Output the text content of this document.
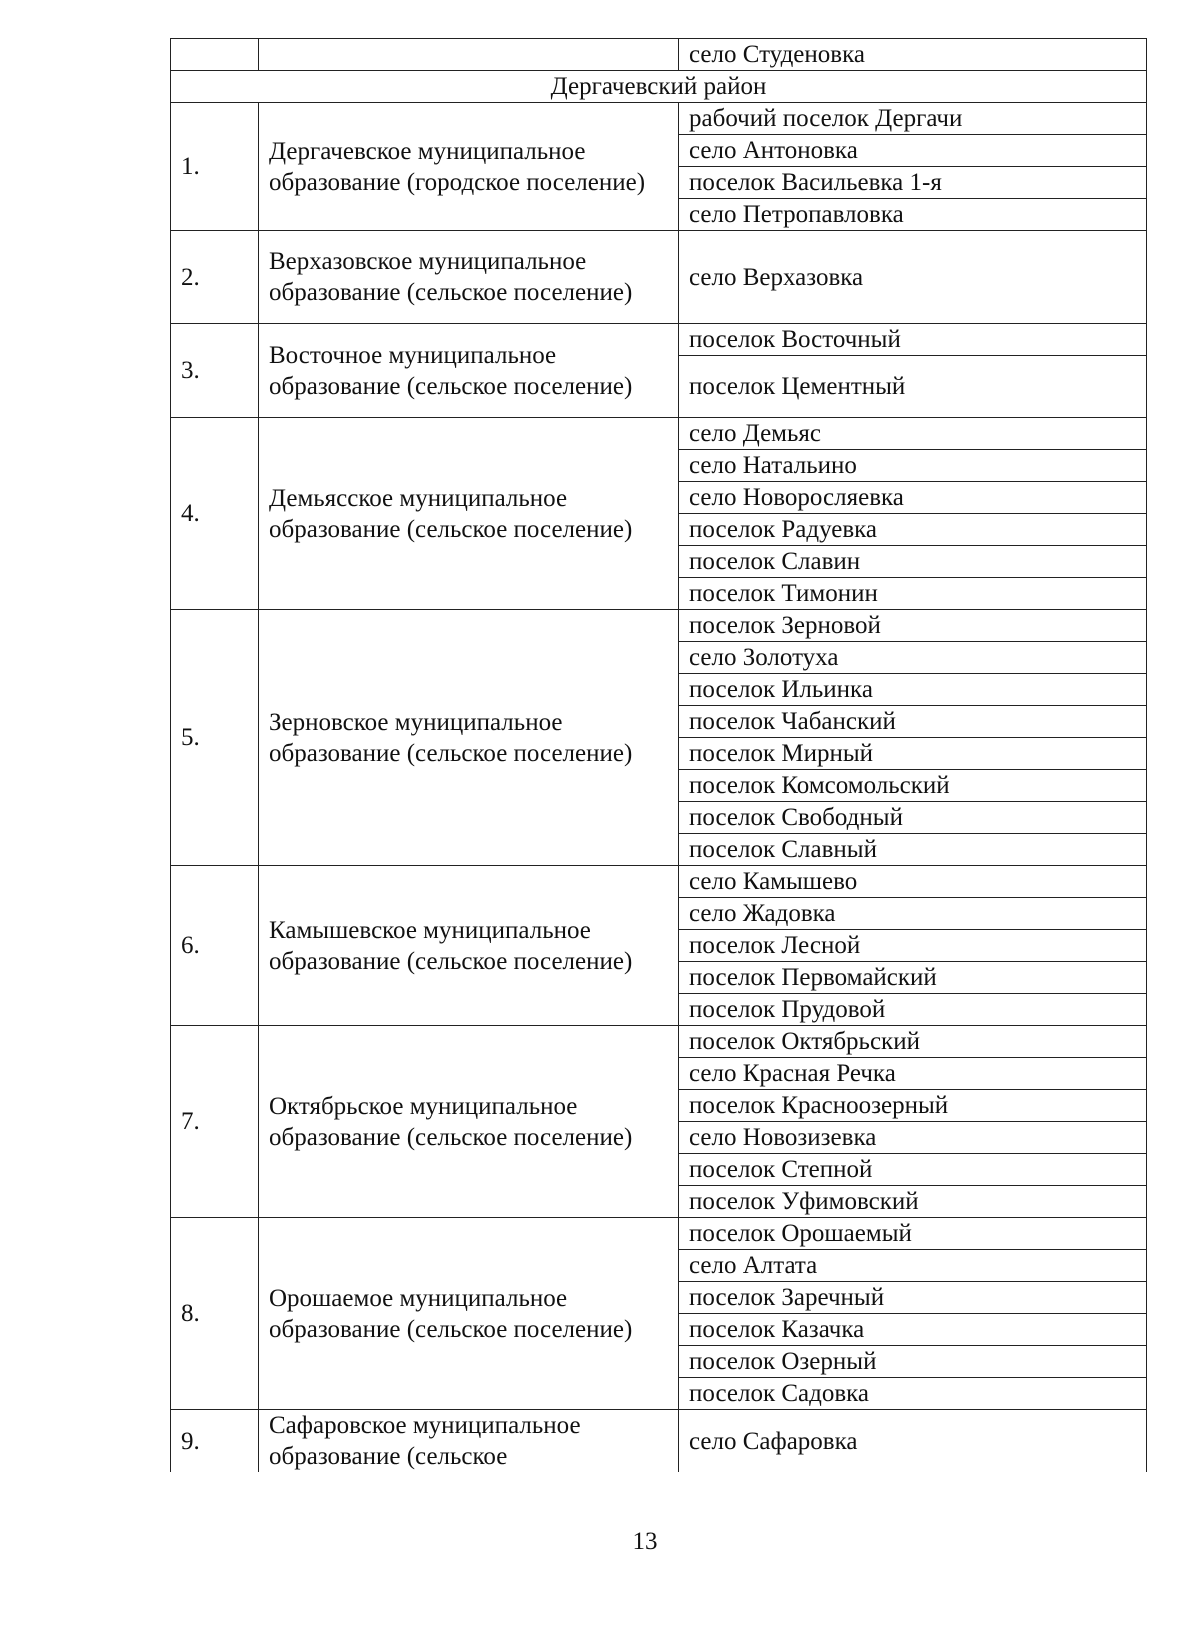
		село Студеновка
Дергачевский район		
1.	Дергачевское муниципальное образование (городское поселение)	рабочий поселок Дергачи
		село Антоновка
		поселок Васильевка 1-я
		село Петропавловка
2.	Верхазовское муниципальное образование (сельское поселение)	село Верхазовка
3.	Восточное муниципальное образование (сельское поселение)	поселок Восточный
		поселок Цементный
4.	Демьясское муниципальное образование (сельское поселение)	село Демьяс
		село Натальино
		село Новоросляевка
		поселок Радуевка
		поселок Славин
		поселок Тимонин
5.	Зерновское муниципальное образование (сельское поселение)	поселок Зерновой
		село Золотуха
		поселок Ильинка
		поселок Чабанский
		поселок Мирный
		поселок Комсомольский
		поселок Свободный
		поселок Славный
6.	Камышевское муниципальное образование (сельское поселение)	село Камышево
		село Жадовка
		поселок Лесной
		поселок Первомайский
		поселок Прудовой
7.	Октябрьское муниципальное образование (сельское поселение)	поселок Октябрьский
		село Красная Речка
		поселок Красноозерный
		село Новозизевка
		поселок Степной
		поселок Уфимовский
8.	Орошаемое муниципальное образование (сельское поселение)	поселок Орошаемый
		село Алтата
		поселок Заречный
		поселок Казачка
		поселок Озерный
		поселок Садовка
9.	Сафаровское муниципальное образование (сельское	село Сафаровка
13
